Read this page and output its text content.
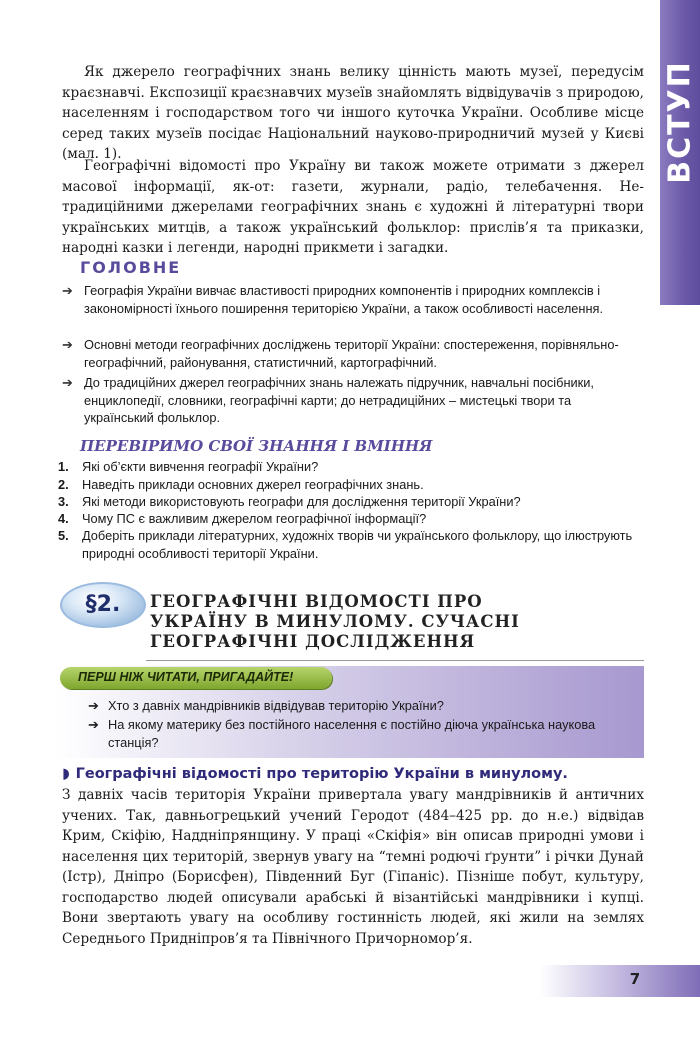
ВСТУП

Як джерело географічних знань велику цінність мають музеї, передусім краєзнавчі. Експозиції краєзнавчих музеїв знайомлять відвідувачів з природою, населенням і господарством того чи іншого куточка України. Особливе місце серед таких музеїв посідає Національний науково-природничий музей у Києві (мал. 1).

Географічні відомості про Україну ви також можете отримати з джерел масової інформації, як-от: газети, журнали, радіо, телебачення. Нетрадиційними джерелами географічних знань є художні й літературні твори українських митців, а також український фольклор: прислів’я та приказки, народні казки і легенди, народні прикмети і загадки.

ГОЛОВНЕ
➔ Географія України вивчає властивості природних компонентів і природних комплексів і закономірності їхнього поширення територією України, а також особливості населення.
➔ Основні методи географічних досліджень території України: спостереження, порівняльно-географічний, районування, статистичний, картографічний.
➔ До традиційних джерел географічних знань належать підручник, навчальні посібники, енциклопедії, словники, географічні карти; до нетрадиційних – мистецькі твори та український фольклор.
ПЕРЕВІРИМО СВОЇ ЗНАННЯ І ВМІННЯ
1. Які об’єкти вивчення географії України?
2. Наведіть приклади основних джерел географічних знань.
3. Які методи використовують географи для дослідження території України?
4. Чому ПС є важливим джерелом географічної інформації?
5. Доберіть приклади літературних, художніх творів чи українського фольклору, що ілюструють природні особливості території України.
§2.	ГЕОГРАФІЧНІ ВІДОМОСТІ ПРО УКРАЇНУ В МИНУЛОМУ. СУЧАСНІ ГЕОГРАФІЧНІ ДОСЛІДЖЕННЯ
ПЕРШ НІЖ ЧИТАТИ, ПРИГАДАЙТЕ!
➔ Хто з давніх мандрівників відвідував територію України?
➔ На якому материку без постійного населення є постійно діюча українська наукова станція?
◗ Географічні відомості про територію України в минулому.

З давніх часів територія України привертала увагу мандрівників й античних учених. Так, давньогрецький учений Геродот (484–425 рр. до н.е.) відвідав Крим, Скіфію, Наддніпрянщину. У праці «Скіфія» він описав природні умови і населення цих територій, звернув увагу на “темні родючі ґрунти” і річки Дунай (Істр), Дніпро (Борисфен), Південний Буг (Гіпаніс). Пізніше побут, культуру, господарство людей описували арабські й візантійські мандрівники і купці. Вони звертають увагу на особливу гостинність людей, які жили на землях Середнього Придніпров’я та Північного Причорномор’я.

7
